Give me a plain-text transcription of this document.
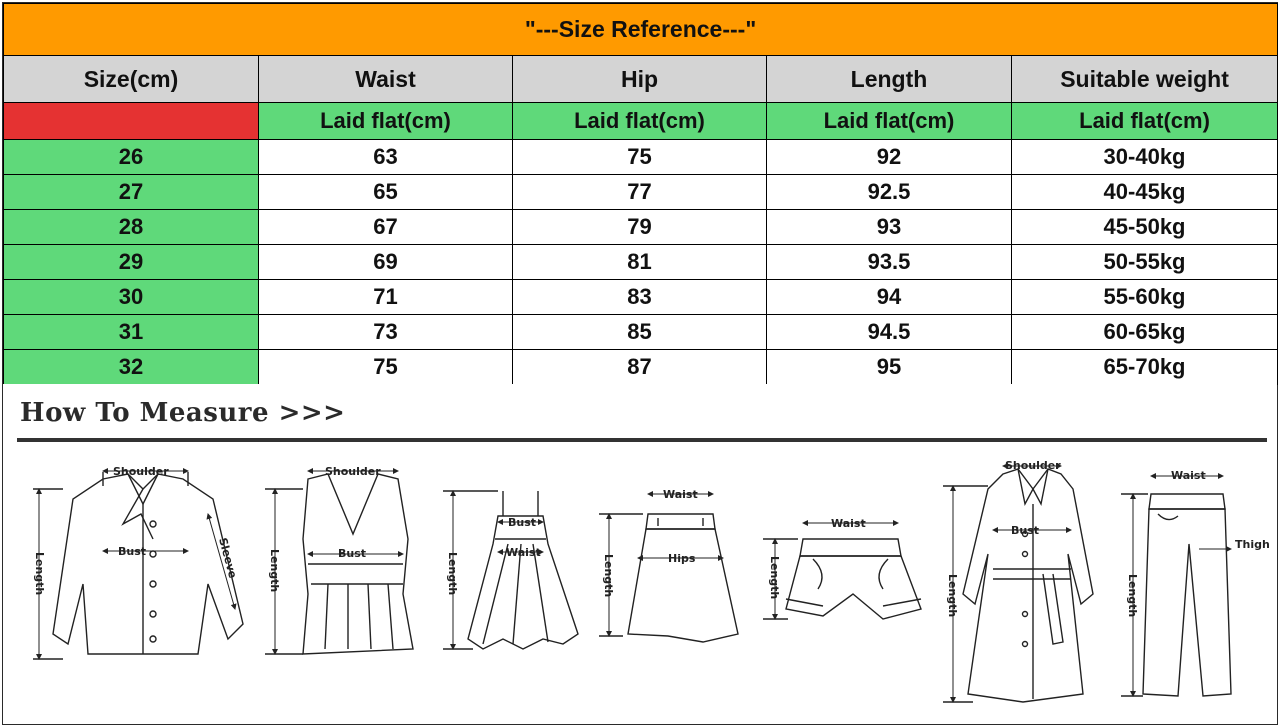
"---Size Reference---"				
Size(cm)	Waist	Hip	Length	Suitable weight
	Laid flat(cm)	Laid flat(cm)	Laid flat(cm)	Laid flat(cm)
26	63	75	92	30-40kg
27	65	77	92.5	40-45kg
28	67	79	93	45-50kg
29	69	81	93.5	50-55kg
30	71	83	94	55-60kg
31	73	85	94.5	60-65kg
32	75	87	95	65-70kg
How To Measure >>>
Shoulder
Bust
Length	Sleeve
Shoulder
Bust
Length
Bust
Waist
Length
Waist
Hips
Length
Waist
Length
Shoulder
Bust
Length
Waist
Thigh
Length
